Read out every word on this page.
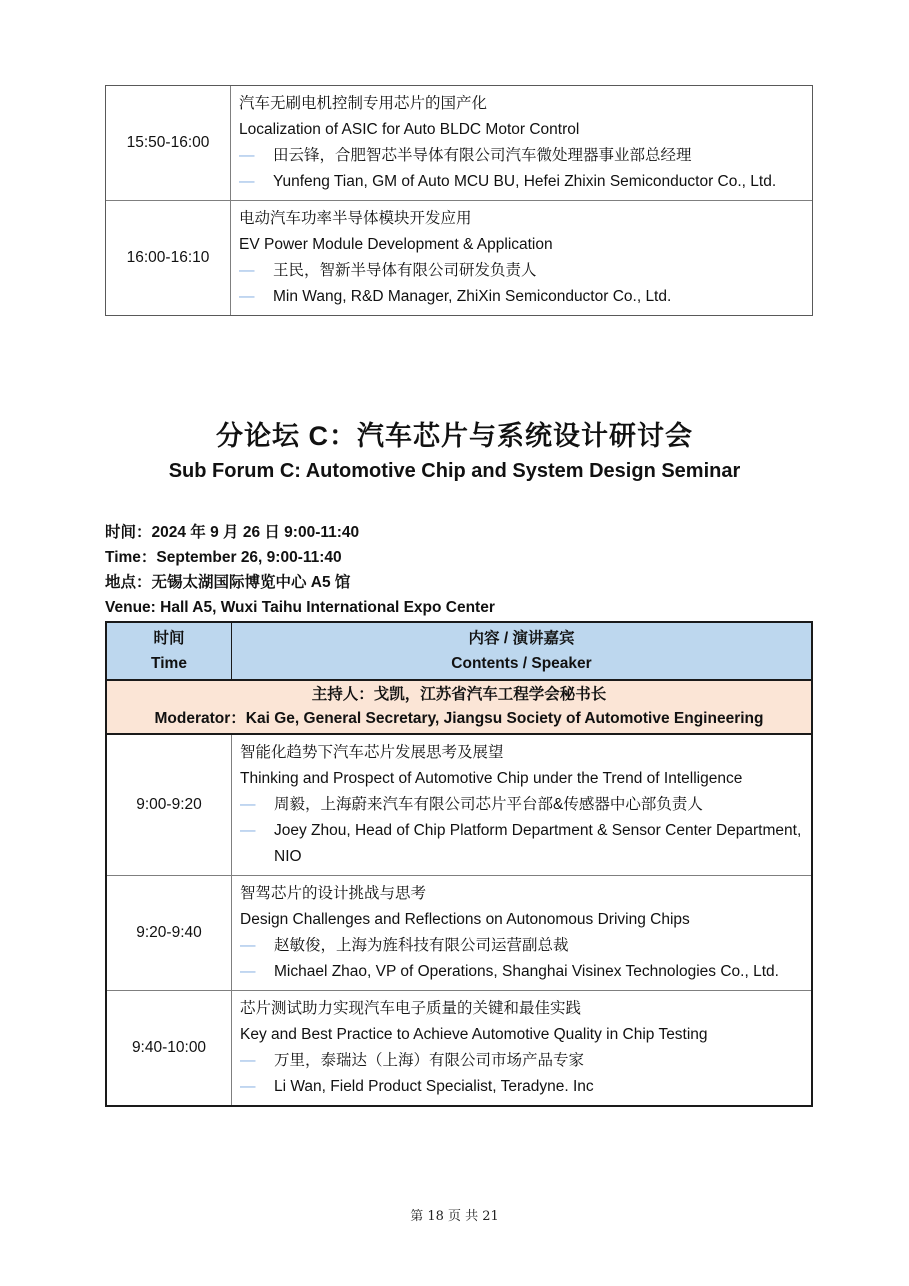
15:50-16:00
汽车无刷电机控制专用芯片的国产化
Localization of ASIC for Auto BLDC Motor Control
—	田云锋，合肥智芯半导体有限公司汽车微处理器事业部总经理
—	Yunfeng Tian, GM of Auto MCU BU, Hefei Zhixin Semiconductor Co., Ltd.
16:00-16:10
电动汽车功率半导体模块开发应用
EV Power Module Development & Application
—	王民，智新半导体有限公司研发负责人
—	Min Wang, R&D Manager, ZhiXin Semiconductor Co., Ltd.
分论坛 C：汽车芯片与系统设计研讨会
Sub Forum C: Automotive Chip and System Design Seminar
时间：2024 年 9 月 26 日 9:00-11:40
Time：September 26, 9:00-11:40
地点：无锡太湖国际博览中心 A5 馆
Venue: Hall A5, Wuxi Taihu International Expo Center
时间
Time
内容 / 演讲嘉宾
Contents / Speaker
主持人：戈凯，江苏省汽车工程学会秘书长
Moderator：Kai Ge, General Secretary, Jiangsu Society of Automotive Engineering
9:00-9:20
智能化趋势下汽车芯片发展思考及展望
Thinking and Prospect of Automotive Chip under the Trend of Intelligence
—	周毅，上海蔚来汽车有限公司芯片平台部&传感器中心部负责人
—	Joey Zhou, Head of Chip Platform Department & Sensor Center Department, NIO
9:20-9:40
智驾芯片的设计挑战与思考
Design Challenges and Reflections on Autonomous Driving Chips
—	赵敏俊，上海为旌科技有限公司运营副总裁
—	Michael Zhao, VP of Operations, Shanghai Visinex Technologies Co., Ltd.
9:40-10:00
芯片测试助力实现汽车电子质量的关键和最佳实践
Key and Best Practice to Achieve Automotive Quality in Chip Testing
—	万里，泰瑞达（上海）有限公司市场产品专家
—	Li Wan, Field Product Specialist, Teradyne. Inc
第 18 页 共 21
